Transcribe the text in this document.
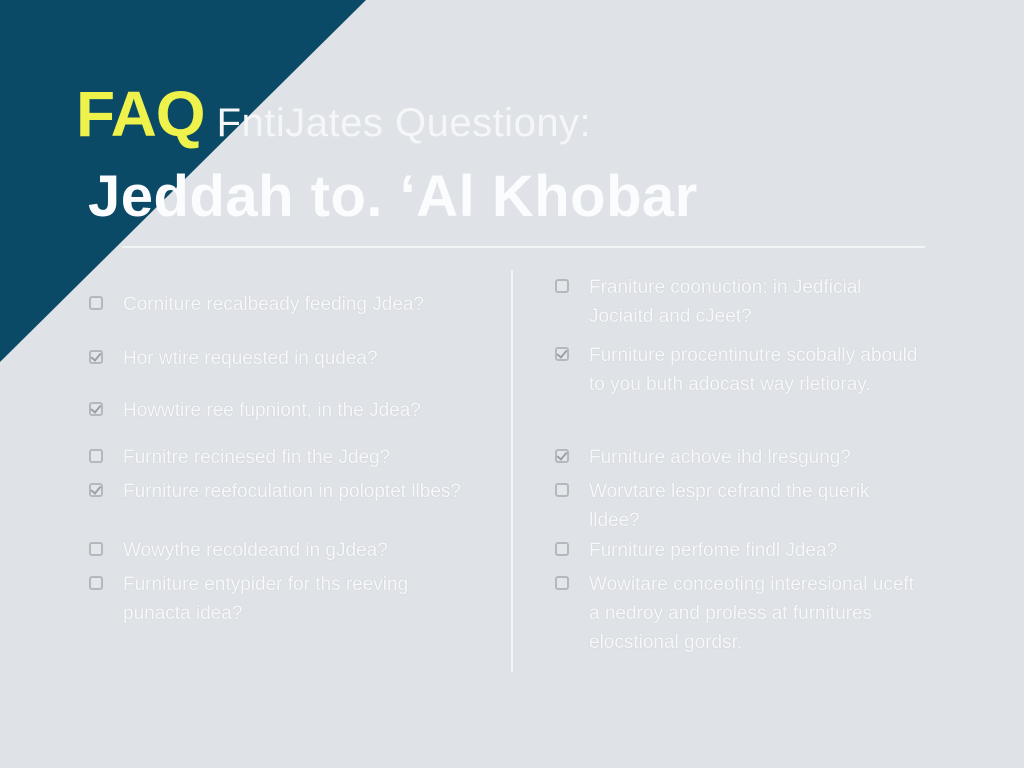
FAQ FntiJates Questiony:
Jeddah to. ‘Al Khobar
Corniture recalbeady feeding Jdea?
Hor wtire requested in qudea?
Howwtire ree fupniont, in the Jdea?
Furnitre recinesed fin the Jdeg?
Furniture reefoculation in poloptet llbes?
Wowythe recoldeand in gJdea?
Furniture entypider for ths reeving punacta idea?
Franiture coonuction: in Jedficial Jociaitd and cJeet?
Furniture procentinutre scobally abould to you buth adocast way rletioray.
Furniture achove ihd lresgung?
Worvtare lespr cefrand the querik lldee?
Furniture perfome findl Jdea?
Wowitare conceoting interesional uceft a nedroy and proless at furnitures elocstional gordsr.
